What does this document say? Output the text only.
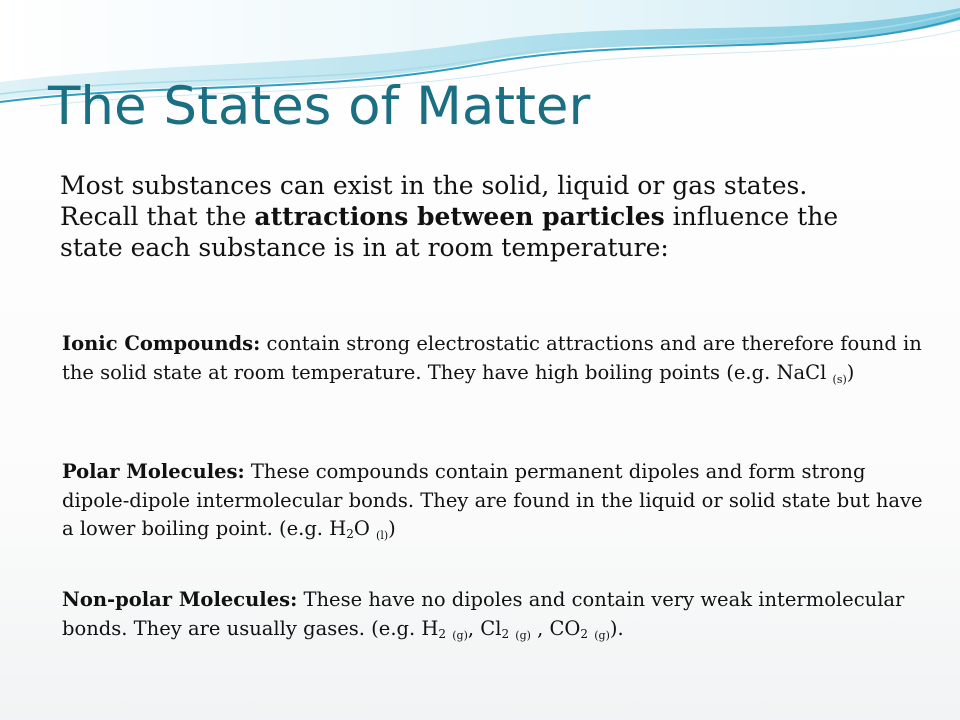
The States of Matter

Most substances can exist in the solid, liquid or gas states. Recall that the attractions between particles influence the state each substance is in at room temperature:

Ionic Compounds: contain strong electrostatic attractions and are therefore found in the solid state at room temperature. They have high boiling points (e.g. NaCl $_{(s)}$)

Polar Molecules: These compounds contain permanent dipoles and form strong dipole-dipole intermolecular bonds. They are found in the liquid or solid state but have a lower boiling point. (e.g. $H_2O$ $_{(l)}$)

Non-polar Molecules: These have no dipoles and contain very weak intermolecular bonds. They are usually gases. (e.g. $H_2$ $_{(g)}$, $Cl_2$ $_{(g)}$ , $CO_2$ $_{(g)}$).
